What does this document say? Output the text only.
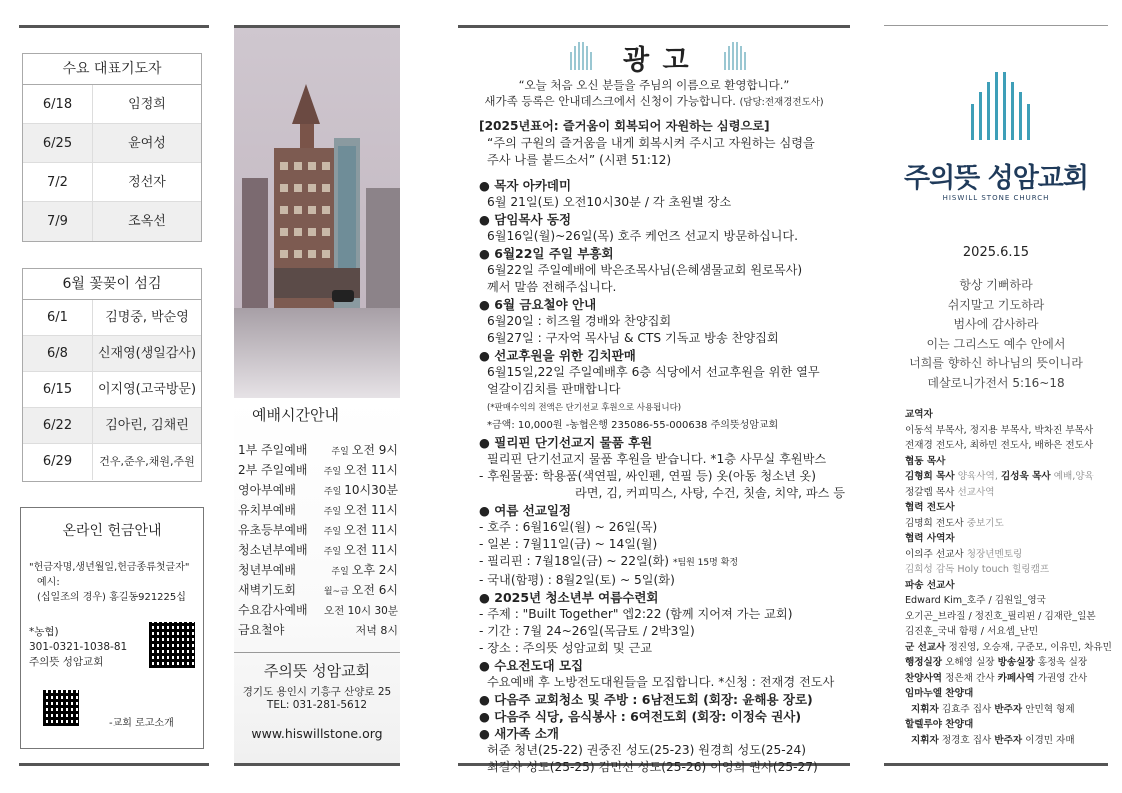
수요 대표기도자
6/18	임정희
6/25	윤여성
7/2	정선자
7/9	조옥선
6월 꽃꽂이 섬김
6/1	김명중, 박순영
6/8	신재영(생일감사)
6/15	이지영(고국방문)
6/22	김아린, 김채린
6/29	건우,준우,채원,주원
온라인 헌금안내
"헌금자명,생년월일,헌금종류첫글자"
예시:
(십일조의 경우) 홍길동921225십
*농협)
301-0321-1038-81
주의뜻 성암교회
-교회 로고소개
예배시간안내
1부 주일예배	주일 오전 9시
2부 주일예배 주일 오전 11시
영아부예배	주일 10시30분
유치부예배	주일 오전 11시
유초등부예배 주일 오전 11시
청소년부예배 주일 오전 11시
청년부예배	주일 오후 2시
새벽기도회	월~금 오전 6시
수요감사예배 오전 10시 30분
금요철야	저녁 8시
주의뜻 성암교회
경기도 용인시 기흥구 산양로 25
TEL: 031-281-5612
www.hiswillstone.org
광 고
“오늘 처음 오신 분들을 주님의 이름으로 환영합니다.”
새가족 등록은 안내데스크에서 신청이 가능합니다. (담당:전재경전도사)
[2025년표어: 즐거움이 회복되어 자원하는 심령으로]
“주의 구원의 즐거움을 내게 회복시켜 주시고 자원하는 심령을
주사 나를 붙드소서” (시편 51:12)
● 목자 아카데미
6월 21일(토) 오전10시30분 / 각 초원별 장소
● 담임목사 동정
6월16일(월)~26일(목) 호주 케언즈 선교지 방문하십니다.
● 6월22일 주일 부흥회
6월22일 주일예배에 박은조목사님(은혜샘물교회 원로목사)
께서 말씀 전해주십니다.
● 6월 금요철야 안내
6월20일 : 히즈윌 경배와 찬양집회
6월27일 : 구자억 목사님 & CTS 기독교 방송 찬양집회
● 선교후원을 위한 김치판매
6월15일,22일 주일예배후 6층 식당에서 선교후원을 위한 열무
얼갈이김치를 판매합니다
(*판매수익의 전액은 단기선교 후원으로 사용됩니다)
*금액: 10,000원 -농협은행 235086-55-000638 주의뜻성암교회
● 필리핀 단기선교지 물품 후원
필리핀 단기선교지 물품 후원을 받습니다. *1층 사무실 후원박스
- 후원물품: 학용품(색연필, 싸인펜, 연필 등) 옷(아동 청소년 옷)
라면, 김, 커피믹스, 사탕, 수건, 칫솔, 치약, 파스 등
● 여름 선교일정
- 호주 : 6월16일(월) ~ 26일(목)
- 일본 : 7월11일(금) ~ 14일(월)
- 필리핀 : 7월18일(금) ~ 22일(화) *팀원 15명 확정
- 국내(함평) : 8월2일(토) ~ 5일(화)
● 2025년 청소년부 여름수련회
- 주제 : "Built Together" 엡2:22 (함께 지어져 가는 교회)
- 기간 : 7월 24~26일(목금토 / 2박3일)
- 장소 : 주의뜻 성암교회 및 근교
● 수요전도대 모집
수요예배 후 노방전도대원들을 모집합니다. *신청 : 전재경 전도사
● 다음주 교회청소 및 주방 : 6남전도회 (회장: 윤해용 장로)
● 다음주 식당, 음식봉사 : 6여전도회 (회장: 이정숙 권사)
● 새가족 소개
허준 청년(25-22) 권중진 성도(25-23) 원경희 성도(25-24)
최길자 성도(25-25) 김민선 성도(25-26) 이영희 권사(25-27)
주의뜻 성암교회
HISWILL STONE CHURCH
2025.6.15
항상 기뻐하라
쉬지말고 기도하라
범사에 감사하라
이는 그리스도 예수 안에서
너희를 향하신 하나님의 뜻이니라
데살로니가전서 5:16~18
교역자
이동석 부목사, 정지용 부목사, 박차진 부목사
전재경 전도사, 최하민 전도사, 배하은 전도사
협동 목사
김형희 목사 양육사역, 김성욱 목사 예배,양육
정갈렙 목사 선교사역
협력 전도사
김명희 전도사 중보기도
협력 사역자
이의주 선교사 청장년멘토링
김희성 감독 Holy touch 힐링캠프
파송 선교사
Edward Kim_호주 / 김원일_영국
오기곤_브라질 / 정진호_필리핀 / 김재란_일본
김진훈_국내 함평 / 서요셉_난민
군 선교사 정진영, 오승재, 구준모, 이유민, 차유민
행정실장 오해영 실장 방송실장 홍정욱 실장
찬양사역 정은채 간사 카페사역 가권영 간사
임마누엘 찬양대
지휘자 김효주 집사 반주자 안민혁 형제
할렐루야 찬양대
지휘자 정경호 집사 반주자 이경민 자매
